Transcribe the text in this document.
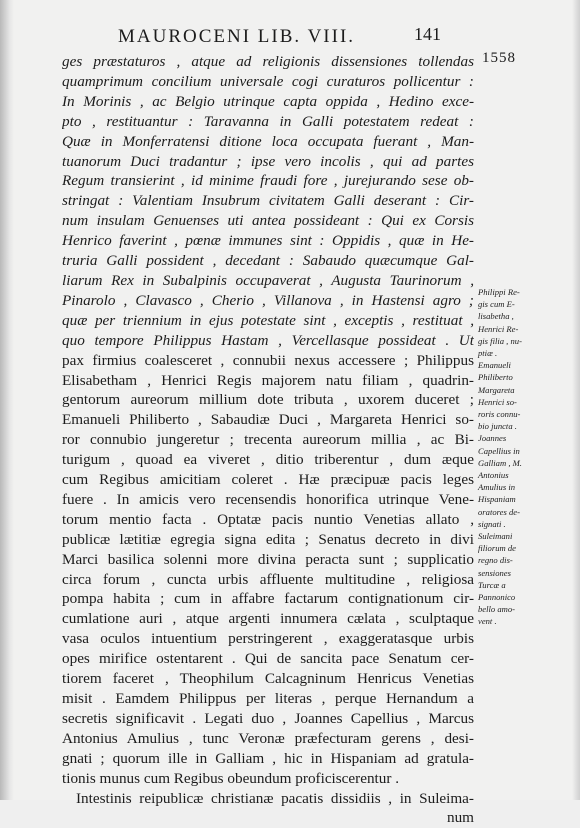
MAUROCENI LIB. VIII.	141
1558
ges præstaturos , atque ad religionis dissensiones tollendas
quamprimum concilium universale cogi curaturos pollicentur :
In Morinis , ac Belgio utrinque capta oppida , Hedino exce-
pto , restituantur : Taravanna in Galli potestatem redeat :
Quæ in Monferratensi ditione loca occupata fuerant , Man-
tuanorum Duci tradantur ; ipse vero incolis , qui ad partes
Regum transierint , id minime fraudi fore , jurejurando sese ob-
stringat : Valentiam Insubrum civitatem Galli deserant : Cir-
num insulam Genuenses uti antea possideant : Qui ex Corsis
Henrico faverint , pœnæ immunes sint : Oppidis , quæ in He-
truria Galli possident , decedant : Sabaudo quæcumque Gal-
liarum Rex in Subalpinis occupaverat , Augusta Taurinorum ,
Pinarolo , Clavasco , Cherio , Villanova , in Hastensi agro ;
quæ per triennium in ejus potestate sint , exceptis , restituat ,
quo tempore Philippus Hastam , Vercellasque possideat . Ut
pax firmius coalesceret , connubii nexus accessere ; Philippus
Elisabetham , Henrici Regis majorem natu filiam , quadrin-
gentorum aureorum millium dote tributa , uxorem duceret ;
Emanueli Philiberto , Sabaudiæ Duci , Margareta Henrici so-
ror connubio jungeretur ; trecenta aureorum millia , ac Bi-
turigum , quoad ea viveret , ditio triberentur , dum æque
cum Regibus amicitiam coleret . Hæ præcipuæ pacis leges
fuere . In amicis vero recensendis honorifica utrinque Vene-
torum mentio facta . Optatæ pacis nuntio Venetias allato ,
publicæ lætitiæ egregia signa edita ; Senatus decreto in divi
Marci basilica solenni more divina peracta sunt ; supplicatio
circa forum , cuncta urbis affluente multitudine , religiosa
pompa habita ; cum in affabre factarum contignationum cir-
cumlatione auri , atque argenti innumera cælata , sculptaque
vasa oculos intuentium perstringerent , exaggeratasque urbis
opes mirifice ostentarent . Qui de sancita pace Senatum cer-
tiorem faceret , Theophilum Calcagninum Henricus Venetias
misit . Eamdem Philippus per literas , perque Hernandum a
secretis significavit . Legati duo , Joannes Capellius , Marcus
Antonius Amulius , tunc Veronæ præfecturam gerens , desi-
gnati ; quorum ille in Galliam , hic in Hispaniam ad gratula-
tionis munus cum Regibus obeundum proficiscerentur .
Intestinis reipublicæ christianæ pacatis dissidiis , in Suleima-
num
Philippi Re-
gis cum E-
lisabetha ,
Henrici Re-
gis filia , nu-
ptiæ .
Emanueli
Philiberto
Margareta
Henrici so-
roris connu-
bio juncta .
Joannes
Capellius in
Galliam , M.
Antonius
Amulius in
Hispaniam
oratores de-
signati .
Suleimani
filiorum de
regno dis-
sensiones
Turcæ a
Pannonico
bello amo-
vent .
